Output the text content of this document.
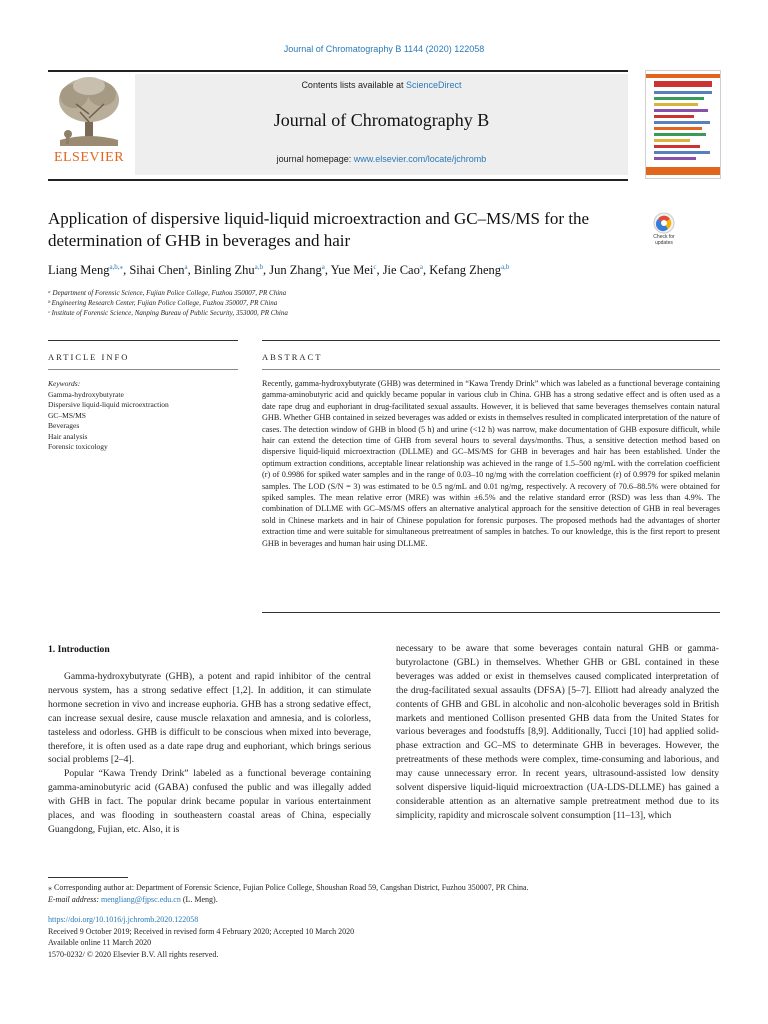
Journal of Chromatography B 1144 (2020) 122058
ELSEVIER
Contents lists available at ScienceDirect
Journal of Chromatography B
journal homepage: www.elsevier.com/locate/jchromb
Application of dispersive liquid-liquid microextraction and GC–MS/MS for the determination of GHB in beverages and hair	Check for updates
Liang Meng$^{a,b,⁎}$, Sihai Chen$^a$, Binling Zhu$^{a,b}$, Jun Zhang$^a$, Yue Mei$^c$, Jie Cao$^a$, Kefang Zheng$^{a,b}$
ᵃ Department of Forensic Science, Fujian Police College, Fuzhou 350007, PR China
ᵇ Engineering Research Center, Fujian Police College, Fuzhou 350007, PR China
ᶜ Institute of Forensic Science, Nanping Bureau of Public Security, 353000, PR China
ARTICLE INFO	ABSTRACT
Keywords:
Gamma-hydroxybutyrate
Dispersive liquid-liquid microextraction
GC–MS/MS
Beverages
Hair analysis
Forensic toxicology
Recently, gamma-hydroxybutyrate (GHB) was determined in “Kawa Trendy Drink” which was labeled as a functional beverage containing gamma-aminobutyric acid and quickly became popular in various club in China. GHB has a strong sedative effect and is often used as a date rape drug and euphoriant in drug-facilitated sexual assaults. However, it is believed that same beverages themselves contain natural GHB. Whether GHB contained in seized beverages was added or exists in themselves resulted in complicated interpretation of the nature of cases. The detection window of GHB in blood (5 h) and urine (<12 h) was narrow, make documentation of GHB exposure difficult, while hair can extend the detection time of GHB from several hours to several days/months. Thus, a sensitive detection method based on dispersive liquid-liquid microextraction (DLLME) and GC–MS/MS for GHB in beverages and hair has been established. Under the optimum extraction conditions, acceptable linear relationship was achieved in the range of 1.5–500 ng/mL with the correlation coefficient (r) of 0.9986 for spiked water samples and in the range of 0.03–10 ng/mg with the correlation coefficient (r) of 0.9979 for spiked melanin samples. The LOD (S/N = 3) was estimated to be 0.5 ng/mL and 0.01 ng/mg, respectively. A recovery of 70.6–88.5% were obtained for spiked samples. The mean relative error (MRE) was within ±6.5% and the relative standard error (RSD) was less than 4.9%. The combination of DLLME with GC–MS/MS offers an alternative analytical approach for the sensitive detection of GHB in real beverages sold in Chinese markets and in hair of Chinese population for forensic purposes. The proposed methods had the advantages of shorter extraction time and were suitable for simultaneous pretreatment of samples in batches. To our knowledge, this is the first report to present GHB in beverages and human hair using DLLME.
1. Introduction

Gamma-hydroxybutyrate (GHB), a potent and rapid inhibitor of the central nervous system, has a strong sedative effect [1,2]. In addition, it can stimulate hormone secretion in vivo and increase euphoria. GHB has a strong sedative effect, can increase sexual desire, cause muscle relaxation and amnesia, and is colorless, tasteless and odorless. GHB is difficult to be conscious when mixed into beverage, therefore, it is often used as a date rape drug and euphoriant, which brings serious social problems [2–4].

Popular “Kawa Trendy Drink” labeled as a functional beverage containing gamma-aminobutyric acid (GABA) confused the public and was illegally added with GHB in fact. The popular drink became popular in various entertainment places, and was flooding in southeastern coastal areas of China, especially Guangdong, Fujian, etc. Also, it is

necessary to be aware that some beverages contain natural GHB or gamma-butyrolactone (GBL) in themselves. Whether GHB or GBL contained in these beverages was added or exist in themselves caused complicated interpretation of the drug-facilitated sexual assaults (DFSA) [5–7]. Elliott had already analyzed the contents of GHB and GBL in alcoholic and non-alcoholic beverages sold in British markets and mentioned Collison presented GHB data from the United States for various beverages and foodstuffs [8,9]. Additionally, Tucci [10] had applied solid-phase extraction and GC–MS to determinate GHB in beverages. However, the pretreatments of these methods were complex, time-consuming and laborious, and may cause unnecessary error. In recent years, ultrasound-assisted low density solvent dispersive liquid-liquid microextraction (UA-LDS-DLLME) has gained a considerable attention as an alternative sample pretreatment method due to its simplicity, rapidity and microscale solvent consumption [11–13], which

⁎ Corresponding author at: Department of Forensic Science, Fujian Police College, Shoushan Road 59, Cangshan District, Fuzhou 350007, PR China.
E-mail address: mengliang@fjpsc.edu.cn (L. Meng).
https://doi.org/10.1016/j.jchromb.2020.122058
Received 9 October 2019; Received in revised form 4 February 2020; Accepted 10 March 2020
Available online 11 March 2020
1570-0232/ © 2020 Elsevier B.V. All rights reserved.
